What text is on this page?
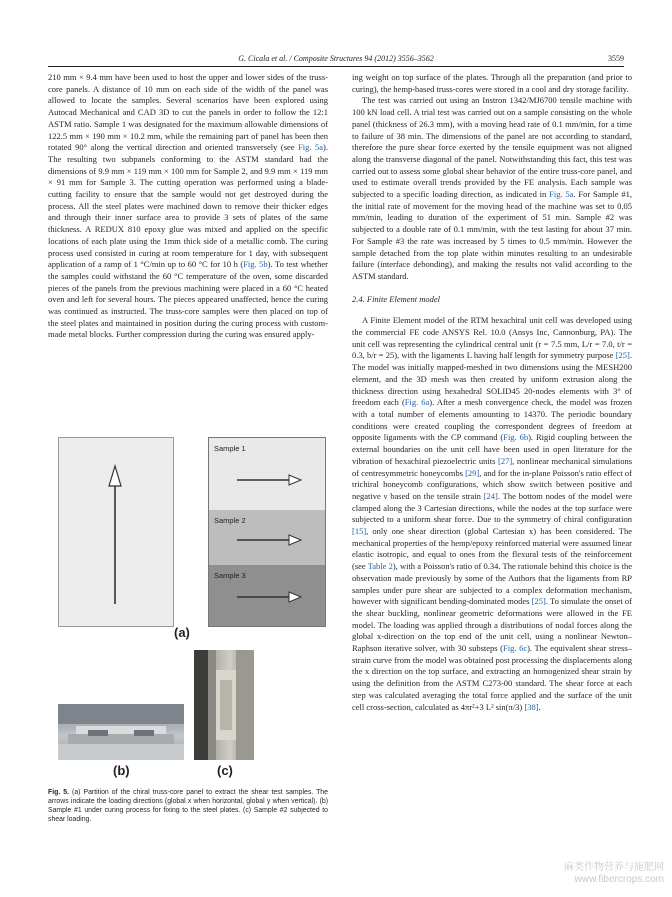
G. Cicala et al. / Composite Structures 94 (2012) 3556–3562	3559

210 mm × 9.4 mm have been used to host the upper and lower sides of the truss-core panels. A distance of 10 mm on each side of the width of the panel was allowed to locate the samples. Several scenarios have been explored using Autocad Mechanical and CAD 3D to cut the panels in order to follow the 12:1 ASTM ratio. Sample 1 was designated for the maximum allowable dimensions of 122.5 mm × 190 mm × 10.2 mm, while the remaining part of panel has been then rotated 90° along the vertical direction and oriented transversely (see Fig. 5a). The resulting two subpanels conforming to the ASTM standard had the dimensions of 9.9 mm × 119 mm × 100 mm for Sample 2, and 9.9 mm × 119 mm × 91 mm for Sample 3. The cutting operation was performed using a blade-cutting facility to ensure that the sample would not get destroyed during the process. All the steel plates were machined down to remove their thicker edges and through their inner surface area to provide 3 sets of plates of the same thickness. A REDUX 810 epoxy glue was mixed and applied on the specific locations of each plate using the 1mm thick side of a metallic comb. The curing process used consisted in curing at room temperature for 1 day, with subsequent application of a ramp of 1 °C/min up to 60 °C for 10 h (Fig. 5b). To test whether the samples could withstand the 60 °C temperature of the oven, some discarded pieces of the panels from the previous machining were placed in a 60 °C heated oven and left for several hours. The pieces appeared unaffected, hence the curing was continued as instructed. The truss-core samples were then placed on top of the steel plates and maintained in position during the curing process with custom-made metal blocks. Further compression during the curing was ensured apply-

ing weight on top surface of the plates. Through all the preparation (and prior to curing), the hemp-based truss-cores were stored in a cool and dry storage facility.

The test was carried out using an Instron 1342/MJ6700 tensile machine with 100 kN load cell. A trial test was carried out on a sample consisting on the whole panel (thickness of 26.3 mm), with a moving head rate of 0.1 mm/min, for a time to failure of 38 min. The dimensions of the panel are not according to standard, therefore the pure shear force exerted by the tensile equipment was not aligned along the transverse diagonal of the panel. Notwithstanding this fact, this test was carried out to assess some global shear behavior of the entire truss-core panel, and used to estimate overall trends provided by the FE analysis. Each sample was subjected to a specific loading direction, as indicated in Fig. 5a. For Sample #1, the initial rate of movement for the moving head of the machine was set to 0.05 mm/min, leading to duration of the experiment of 51 min. Sample #2 was subjected to a double rate of 0.1 mm/min, with the test lasting for about 37 min. For Sample #3 the rate was increased by 5 times to 0.5 mm/min. However the sample detached from the top plate within minutes resulting to an undesirable failure (interface debonding), and making the results not valid according to the ASTM standard.

2.4. Finite Element model

A Finite Element model of the RTM hexachiral unit cell was developed using the commercial FE code ANSYS Rel. 10.0 (Ansys Inc, Cannonburg, PA). The unit cell was representing the cylindrical central unit (r = 7.5 mm, L/r = 7.0, t/r = 0.3, b/r = 25), with the ligaments L having half length for symmetry purpose [25]. The model was initially mapped-meshed in two dimensions using the MESH200 element, and the 3D mesh was then created by uniform extrusion along the thickness direction using hexahedral SOLID45 20-nodes elements with 3° of freedom each (Fig. 6a). After a mesh convergence check, the model was frozen with a total number of elements amounting to 14370. The periodic boundary conditions were created coupling the correspondent degrees of freedom at opposite ligaments with the CP command (Fig. 6b). Rigid coupling between the external boundaries on the unit cell have been used in open literature for the vibration of hexachiral piezoelectric units [27], nonlinear mechanical simulations of centresymmetric honeycombs [29], and for the in-plane Poisson's ratio effect of trichiral honeycomb configurations, which show switch between positive and negative ν based on the tensile strain [24]. The bottom nodes of the model were clamped along the 3 Cartesian directions, while the nodes at the top surface were subjected to a uniform shear force. Due to the symmetry of chiral configuration [15], only one shear direction (global Cartesian x) has been considered. The mechanical properties of the hemp/epoxy reinforced material were assumed linear elastic isotropic, and equal to ones from the flexural tests of the reinforcement (see Table 2), with a Poisson's ratio of 0.34. The rationale behind this choice is the observation made previously by some of the Authors that the ligaments from RP samples under pure shear are subjected to a complex deformation mechanism, however with significant bending-dominated modes [25]. To simulate the onset of the shear buckling, nonlinear geometric deformations were allowed in the FE model. The loading was applied through a distributions of nodal forces along the global x-direction on the top end of the unit cell, using a nonlinear Newton–Raphson iterative solver, with 30 substeps (Fig. 6c). The equivalent shear stress–strain curve from the model was obtained post processing the displacements along the x direction on the top surface, and extracting an homogenized shear strain by using the definition from the ASTM C273-00 standard. The shear force at each step was calculated averaging the total force applied and the surface of the unit cell cross-section, calculated as 4πr²+3 L² sin(π/3) [38].

Sample 1
Sample 2
Sample 3
(a)
(b)	(c)
Fig. 5. (a) Partition of the chiral truss-core panel to extract the shear test samples. The arrows indicate the loading directions (global x when horizontal, global y when vertical). (b) Sample #1 under curing process for fixing to the steel plates. (c) Sample #2 subjected to shear loading.
麻类作物营养与施肥网
www.fibercrops.com
